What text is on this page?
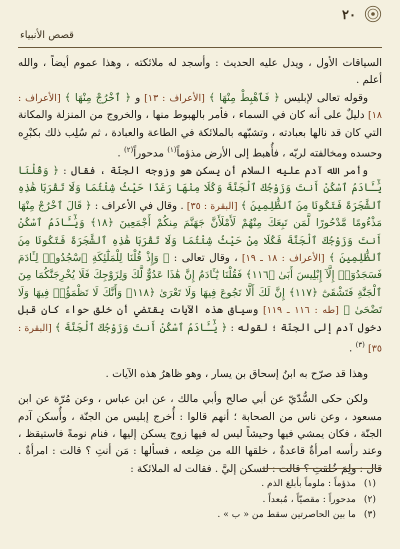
٢٠
قصص الأنبياء

السياقات الأول ، ويدل عليه الحديث : وأسجد له ملائكته ، وهذا عموم أيضاً ، والله أعلم .

وقوله تعالى لإبليس ﴿ فَٱهْبِطْ مِنْهَا ﴾ [الأعراف : ١٣] و ﴿ ٱخْرُجْ مِنْهَا ﴾ [الأعراف : ١٨] دليلٌ على أنه كان في السماء ، فأمر بالهبوط منها ، والخروج من المنزلة والمكانة التي كان قد نالها بعبادته ، وتشبّهه بالملائكة في الطاعة والعبادة ، ثم سُلِب ذلك بكبْرِه وحسده ومخالفته لربّه ، فأُهبط إلى الأرض مذؤماً$^{(١)}$ مدحوراً$^{(٢)}$ .

وأمر الله آدم عليه السلام أن يسكن هو وزوجه الجنّة ، فقال : ﴿ وَقُلْنَا يَٰٓـَٔادَمُ ٱسْكُنْ أَنتَ وَزَوْجُكَ ٱلْجَنَّةَ وَكُلَا مِنْهَا رَغَدًا حَيْثُ شِئْتُمَا وَلَا تَقْرَبَا هَٰذِهِ ٱلشَّجَرَةَ فَتَكُونَا مِنَ ٱلظَّٰلِمِينَ ﴾ [البقرة : ٣٥] . وقال في الأعراف : ﴿ قَالَ ٱخْرُجْ مِنْهَا مَذْءُومًا مَّدْحُورًا لَّمَن تَبِعَكَ مِنْهُمْ لَأَمْلَأَنَّ جَهَنَّمَ مِنكُمْ أَجْمَعِينَ ﴿١٨﴾ وَيَٰٓـَٔادَمُ ٱسْكُنْ أَنتَ وَزَوْجُكَ ٱلْجَنَّةَ فَكُلَا مِنْ حَيْثُ شِئْتُمَا وَلَا تَقْرَبَا هَٰذِهِ ٱلشَّجَرَةَ فَتَكُونَا مِنَ ٱلظَّٰلِمِينَ ﴾ [الأعراف : ١٨ ـ ١٩] ، وقال تعالى : ﴿ وَإِذْ قُلْنَا لِلْمَلَٰٓئِكَةِ ٱسْجُدُوا۟ لِـَٔادَمَ فَسَجَدُوٓا۟ إِلَّآ إِبْلِيسَ أَبَىٰ ﴿١١٦﴾ فَقُلْنَا يَٰٓـَٔادَمُ إِنَّ هَٰذَا عَدُوٌّ لَّكَ وَلِزَوْجِكَ فَلَا يُخْرِجَنَّكُمَا مِنَ ٱلْجَنَّةِ فَتَشْقَىٰٓ ﴿١١٧﴾ إِنَّ لَكَ أَلَّا تَجُوعَ فِيهَا وَلَا تَعْرَىٰ ﴿١١٨﴾ وَأَنَّكَ لَا تَظْمَؤُا۟ فِيهَا وَلَا تَضْحَىٰ ﴾ [طه : ١١٦ ـ ١١٩] وسياق هذه الآيات يقتضي أن خلق حواء كان قبل دخول آدم إلى الجنّة ؛ لقوله : ﴿ يَٰٓـَٔادَمُ ٱسْكُنْ أَنتَ وَزَوْجُكَ ٱلْجَنَّةَ ﴾ [البقرة : ٣٥] $^{(٣)}$ .

وهذا قد صرّح به ابنُ إسحاق بن يسار ، وهو ظاهرُ هذه الآيات .

ولكن حكى السُّدّيّ عن أبي صالح وأبي مالك ، عن ابن عباس ، وعن مُرّة عن ابن مسعود ، وعن ناس من الصحابة ؛ أنهم قالوا : أُخرج إبليس من الجنّة ، وأُسكن آدم الجنّة ، فكان يمشي فيها وحيشاً ليس له فيها زوج يسكن إليها ، فنام نومةً فاستيقظ ، وعند رأسه امرأةٌ قاعدةٌ ، خلقها الله من ضِلعه ، فسألها : مَن أنتِ ؟ قالت : امرأةٌ . قال : ولِمَ خُلقتِ ؟ قالت : لتسكن إليَّ . فقالت له الملائكة :

(١)مذؤماً : ملوماً بأبلغ الذم .
(٢)مدحوراً : مقصيّاً ، مُبعداً .
(٣)ما بين الحاصرتين سقط من « ب » .
